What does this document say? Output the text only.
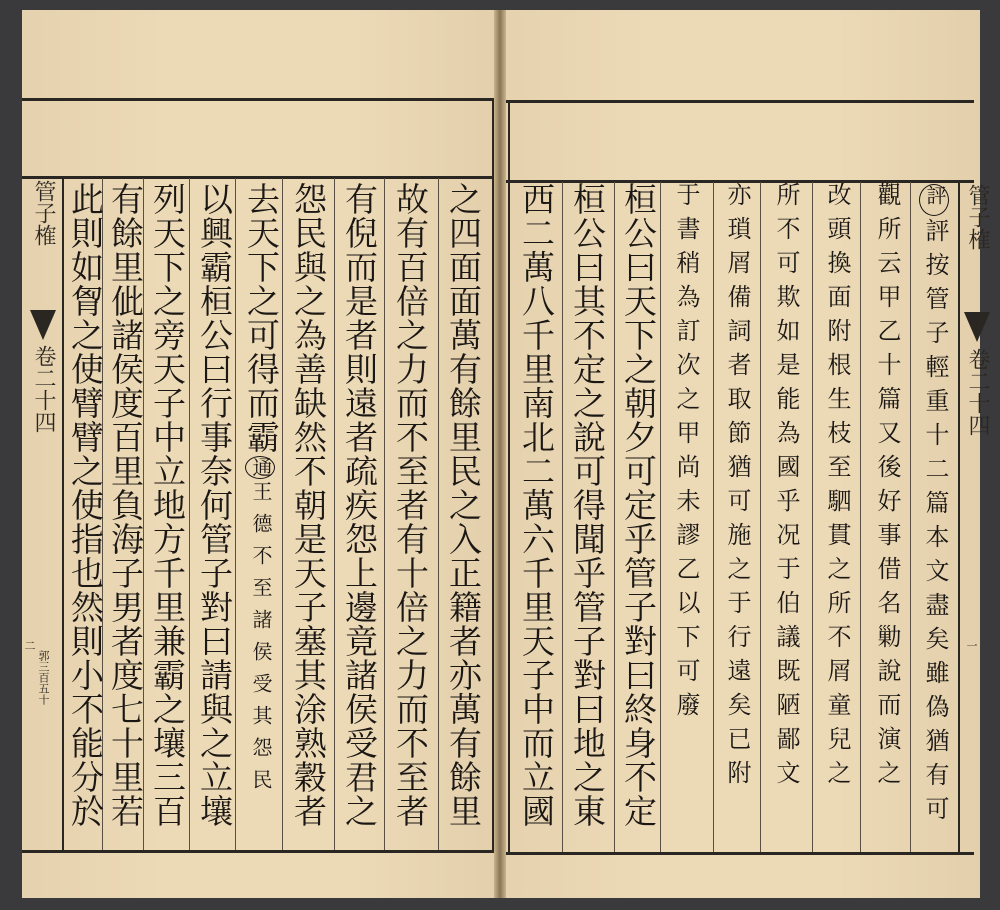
管子榷
卷二十四
二
郭三百五十	之四面面萬有餘里民之入正籍者亦萬有餘里
故有百倍之力而不至者有十倍之力而不至者
有倪而是者則遠者疏疾怨上邊竟諸侯受君之
怨民與之為善缺然不朝是天子塞其涂熟穀者
去天下之可得而霸通王德不至諸侯受其怨民
以興霸桓公曰行事奈何管子對曰請與之立壤
列天下之旁天子中立地方千里兼霸之壤三百
有餘里佌諸侯度百里負海子男者度七十里若
此則如胷之使臂臂之使指也然則小不能分於	管子榷
卷二十四
一
評評按管子輕重十二篇本文盡矣雖偽猶有可
觀所云甲乙十篇又後好事借名勦說而演之
改頭換面附根生枝至駟貫之所不屑童兒之
所不可欺如是能為國乎况于伯議既陋鄙文
亦瑣屑備詞者取節猶可施之于行遠矣已附
于書稍為訂次之甲尚未謬乙以下可廢
桓公曰天下之朝夕可定乎管子對曰終身不定
桓公曰其不定之說可得聞乎管子對曰地之東
西二萬八千里南北二萬六千里天子中而立國
